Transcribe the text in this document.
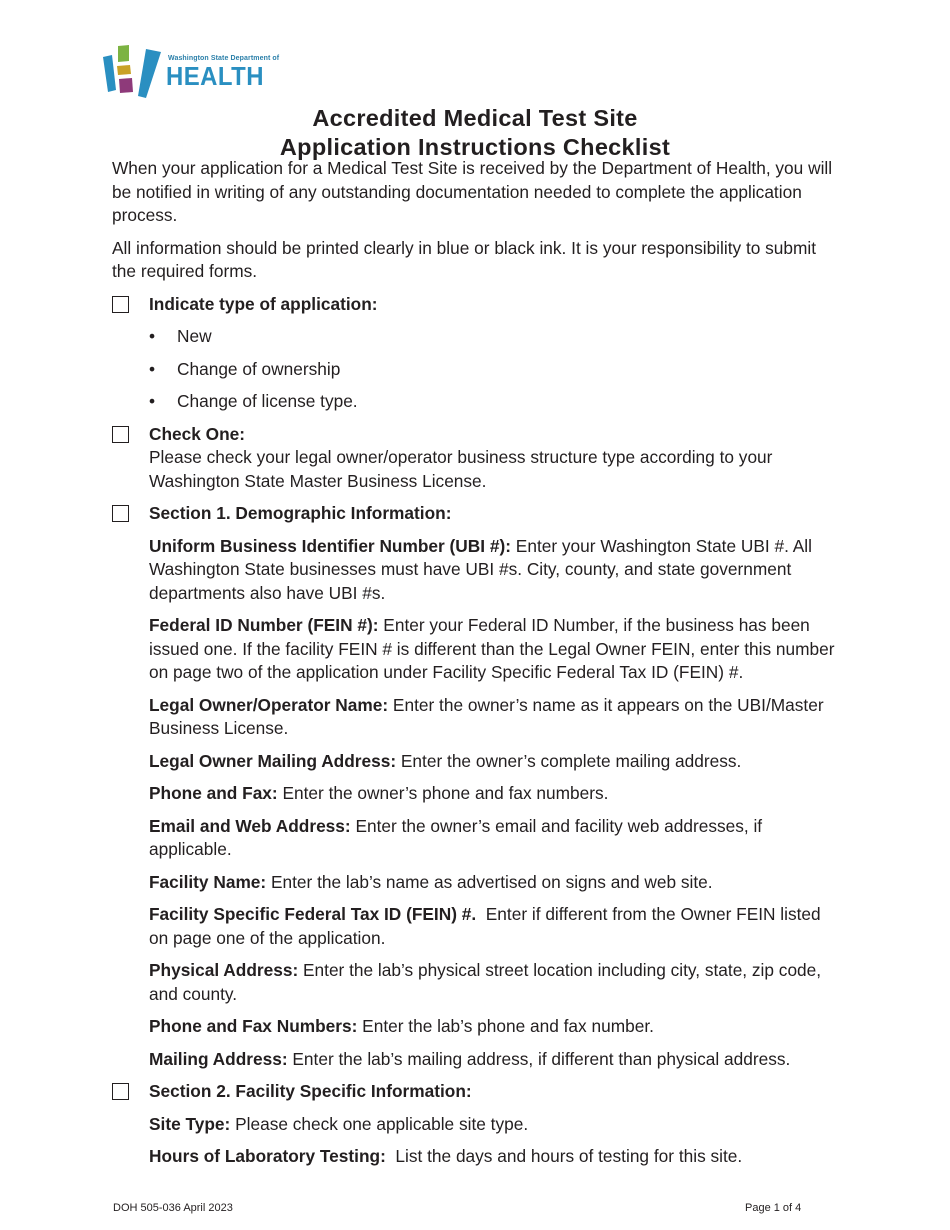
Washington State Department of
HEALTH
Accredited Medical Test Site
Application Instructions Checklist

When your application for a Medical Test Site is received by the Department of Health, you will be notified in writing of any outstanding documentation needed to complete the application process.

All information should be printed clearly in blue or black ink. It is your responsibility to submit the required forms.

Indicate type of application:

• New
• Change of ownership
• Change of license type.

Check One:

Please check your legal owner/operator business structure type according to your Washington State Master Business License.

Section 1. Demographic Information:

Uniform Business Identifier Number (UBI #): Enter your Washington State UBI #. All Washington State businesses must have UBI #s. City, county, and state government departments also have UBI #s.

Federal ID Number (FEIN #): Enter your Federal ID Number, if the business has been issued one. If the facility FEIN # is different than the Legal Owner FEIN, enter this number on page two of the application under Facility Specific Federal Tax ID (FEIN) #.

Legal Owner/Operator Name: Enter the owner’s name as it appears on the UBI/Master Business License.

Legal Owner Mailing Address: Enter the owner’s complete mailing address.

Phone and Fax: Enter the owner’s phone and fax numbers.

Email and Web Address: Enter the owner’s email and facility web addresses, if applicable.

Facility Name: Enter the lab’s name as advertised on signs and web site.

Facility Specific Federal Tax ID (FEIN) #.  Enter if different from the Owner FEIN listed on page one of the application.

Physical Address: Enter the lab’s physical street location including city, state, zip code, and county.

Phone and Fax Numbers: Enter the lab’s phone and fax number.

Mailing Address: Enter the lab’s mailing address, if different than physical address.

Section 2. Facility Specific Information:

Site Type: Please check one applicable site type.

Hours of Laboratory Testing:  List the days and hours of testing for this site.

DOH 505-036 April 2023	Page 1 of 4
